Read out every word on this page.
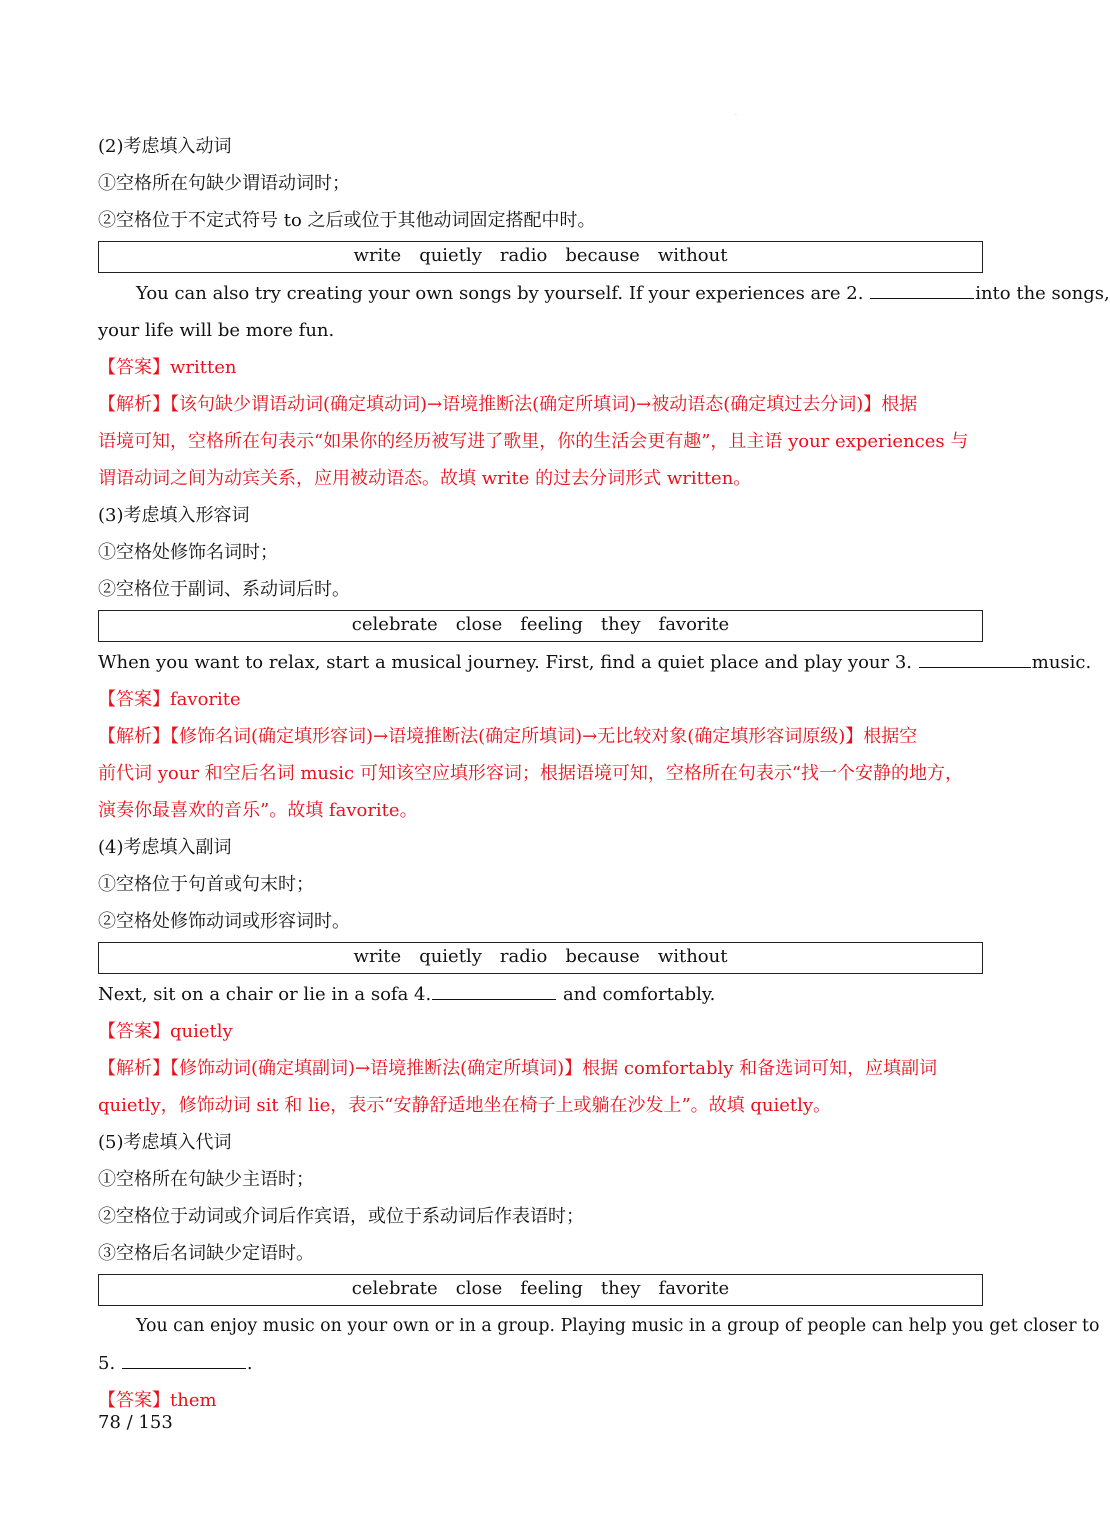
·
(2)考虑填入动词
①空格所在句缺少谓语动词时；
②空格位于不定式符号 to 之后或位于其他动词固定搭配中时。
write quietly radio because without
You can also try creating your own songs by yourself. If your experiences are 2.	into the songs,
your life will be more fun.
【答案】written
【解析】【该句缺少谓语动词(确定填动词)→语境推断法(确定所填词)→被动语态(确定填过去分词)】根据
语境可知，空格所在句表示“如果你的经历被写进了歌里，你的生活会更有趣”，且主语 your experiences 与
谓语动词之间为动宾关系，应用被动语态。故填 write 的过去分词形式 written。
(3)考虑填入形容词
①空格处修饰名词时；
②空格位于副词、系动词后时。
celebrate close feeling they favorite
When you want to relax, start a musical journey. First, find a quiet place and play your 3.	music.
【答案】favorite
【解析】【修饰名词(确定填形容词)→语境推断法(确定所填词)→无比较对象(确定填形容词原级)】根据空
前代词 your 和空后名词 music 可知该空应填形容词；根据语境可知，空格所在句表示“找一个安静的地方，
演奏你最喜欢的音乐”。故填 favorite。
(4)考虑填入副词
①空格位于句首或句末时；
②空格处修饰动词或形容词时。
write quietly radio because without
Next, sit on a chair or lie in a sofa 4.	and comfortably.
【答案】quietly
【解析】【修饰动词(确定填副词)→语境推断法(确定所填词)】根据 comfortably 和备选词可知，应填副词
quietly，修饰动词 sit 和 lie，表示“安静舒适地坐在椅子上或躺在沙发上”。故填 quietly。
(5)考虑填入代词
①空格所在句缺少主语时；
②空格位于动词或介词后作宾语，或位于系动词后作表语时；
③空格后名词缺少定语时。
celebrate close feeling they favorite
You can enjoy music on your own or in a group. Playing music in a group of people can help you get closer to
5.	.
【答案】them
78 / 153
